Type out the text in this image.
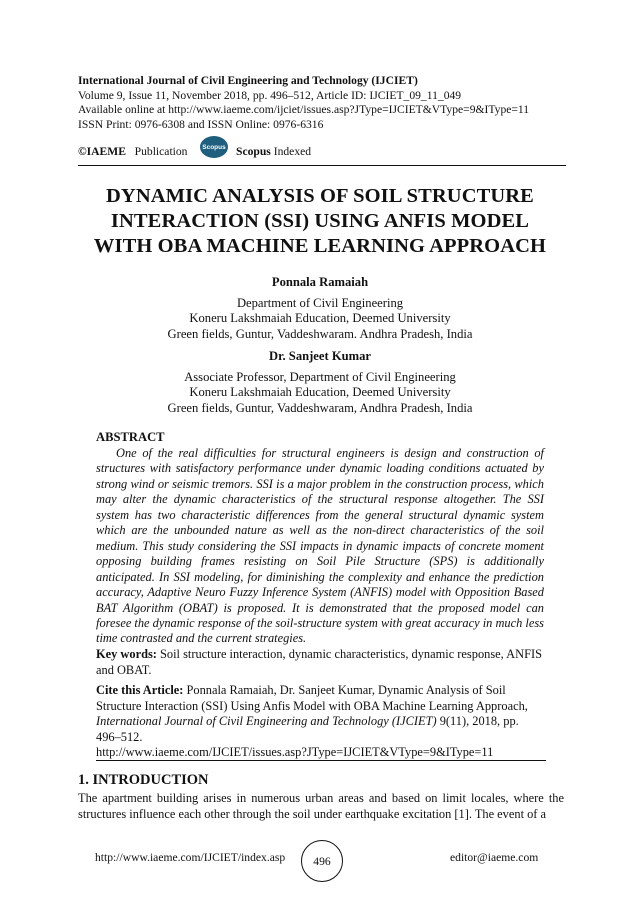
International Journal of Civil Engineering and Technology (IJCIET)
Volume 9, Issue 11, November 2018, pp. 496–512, Article ID: IJCIET_09_11_049
Available online at http://www.iaeme.com/ijciet/issues.asp?JType=IJCIET&VType=9&IType=11
ISSN Print: 0976-6308 and ISSN Online: 0976-6316
©IAEME Publication	Scopus Scopus Indexed
DYNAMIC ANALYSIS OF SOIL STRUCTURE
INTERACTION (SSI) USING ANFIS MODEL
WITH OBA MACHINE LEARNING APPROACH
Ponnala Ramaiah
Department of Civil Engineering
Koneru Lakshmaiah Education, Deemed University
Green fields, Guntur, Vaddeshwaram. Andhra Pradesh, India
Dr. Sanjeet Kumar
Associate Professor, Department of Civil Engineering
Koneru Lakshmaiah Education, Deemed University
Green fields, Guntur, Vaddeshwaram, Andhra Pradesh, India
ABSTRACT

One of the real difficulties for structural engineers is design and construction of structures with satisfactory performance under dynamic loading conditions actuated by strong wind or seismic tremors. SSI is a major problem in the construction process, which may alter the dynamic characteristics of the structural response altogether. The SSI system has two characteristic differences from the general structural dynamic system which are the unbounded nature as well as the non-direct characteristics of the soil medium. This study considering the SSI impacts in dynamic impacts of concrete moment opposing building frames resisting on Soil Pile Structure (SPS) is additionally anticipated. In SSI modeling, for diminishing the complexity and enhance the prediction accuracy, Adaptive Neuro Fuzzy Inference System (ANFIS) model with Opposition Based BAT Algorithm (OBAT) is proposed. It is demonstrated that the proposed model can foresee the dynamic response of the soil-structure system with great accuracy in much less time contrasted and the current strategies.

Key words: Soil structure interaction, dynamic characteristics, dynamic response, ANFIS and OBAT.
Cite this Article: Ponnala Ramaiah, Dr. Sanjeet Kumar, Dynamic Analysis of Soil Structure Interaction (SSI) Using Anfis Model with OBA Machine Learning Approach, International Journal of Civil Engineering and Technology (IJCIET) 9(11), 2018, pp. 496–512.
http://www.iaeme.com/IJCIET/issues.asp?JType=IJCIET&VType=9&IType=11
1. INTRODUCTION

The apartment building arises in numerous urban areas and based on limit locales, where the structures influence each other through the soil under earthquake excitation [1]. The event of a

http://www.iaeme.com/IJCIET/index.asp	496	editor@iaeme.com
